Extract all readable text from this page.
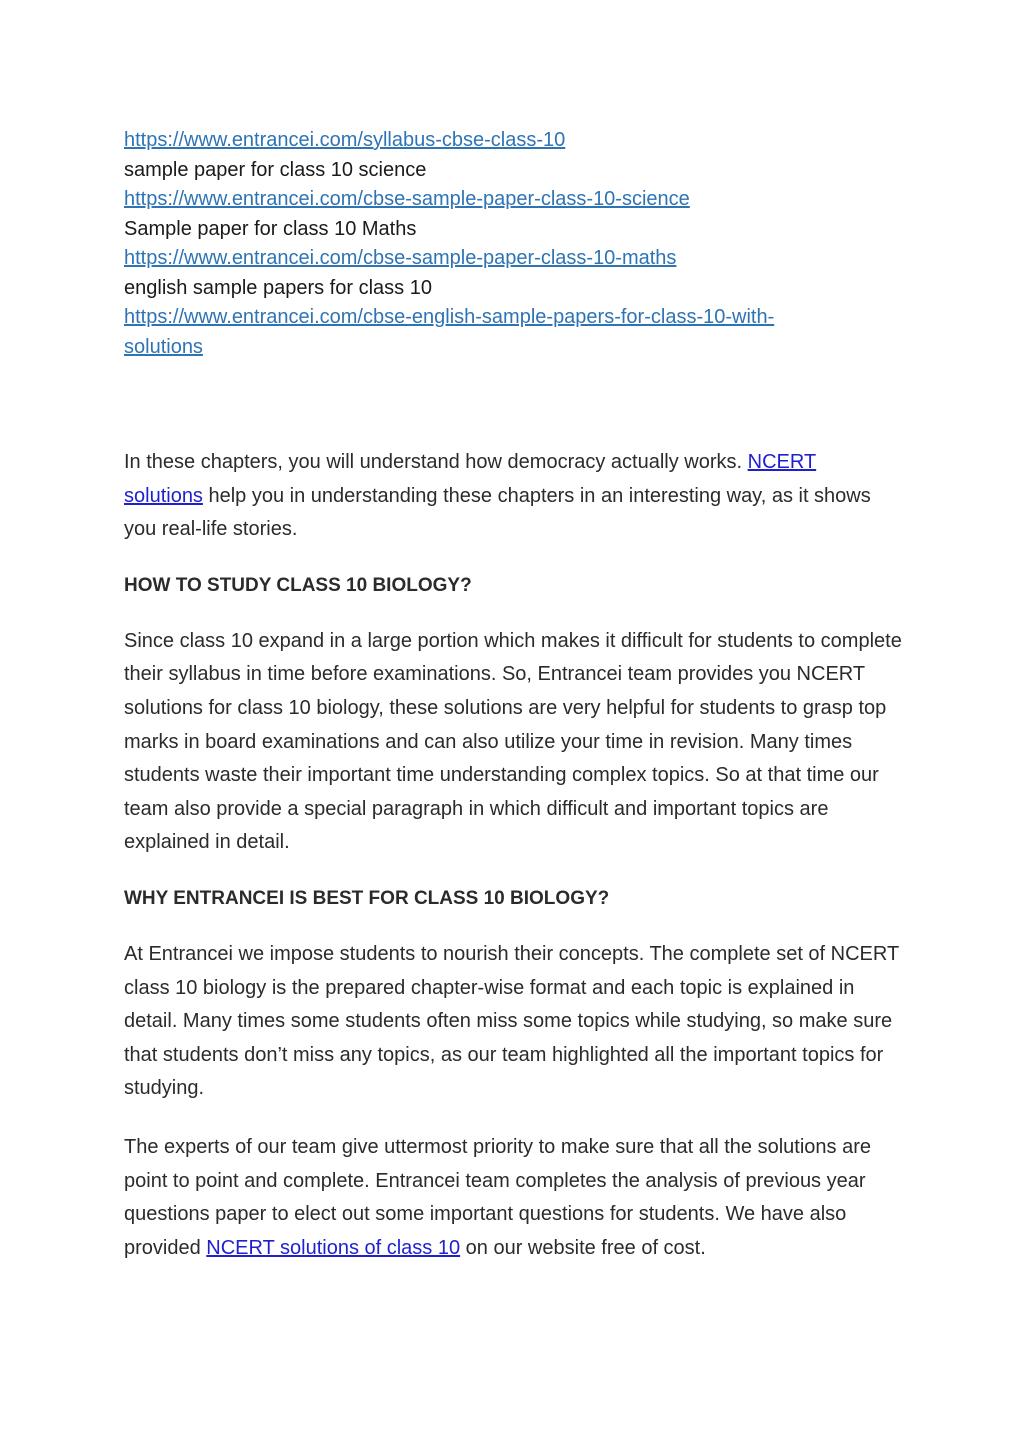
https://www.entrancei.com/syllabus-cbse-class-10
sample paper for class 10 science
https://www.entrancei.com/cbse-sample-paper-class-10-science
Sample paper for class 10 Maths
https://www.entrancei.com/cbse-sample-paper-class-10-maths
english sample papers for class 10
https://www.entrancei.com/cbse-english-sample-papers-for-class-10-with-
solutions

In these chapters, you will understand how democracy actually works. NCERT
solutions help you in understanding these chapters in an interesting way, as it shows you real-life stories.

HOW TO STUDY CLASS 10 BIOLOGY?

Since class 10 expand in a large portion which makes it difficult for students to complete their syllabus in time before examinations. So, Entrancei team provides you NCERT solutions for class 10 biology, these solutions are very helpful for students to grasp top marks in board examinations and can also utilize your time in revision. Many times students waste their important time understanding complex topics. So at that time our team also provide a special paragraph in which difficult and important topics are explained in detail.

WHY ENTRANCEI IS BEST FOR CLASS 10 BIOLOGY?

At Entrancei we impose students to nourish their concepts. The complete set of NCERT class 10 biology is the prepared chapter-wise format and each topic is explained in detail. Many times some students often miss some topics while studying, so make sure that students don’t miss any topics, as our team highlighted all the important topics for studying.

The experts of our team give uttermost priority to make sure that all the solutions are point to point and complete. Entrancei team completes the analysis of previous year questions paper to elect out some important questions for students. We have also provided NCERT solutions of class 10 on our website free of cost.
